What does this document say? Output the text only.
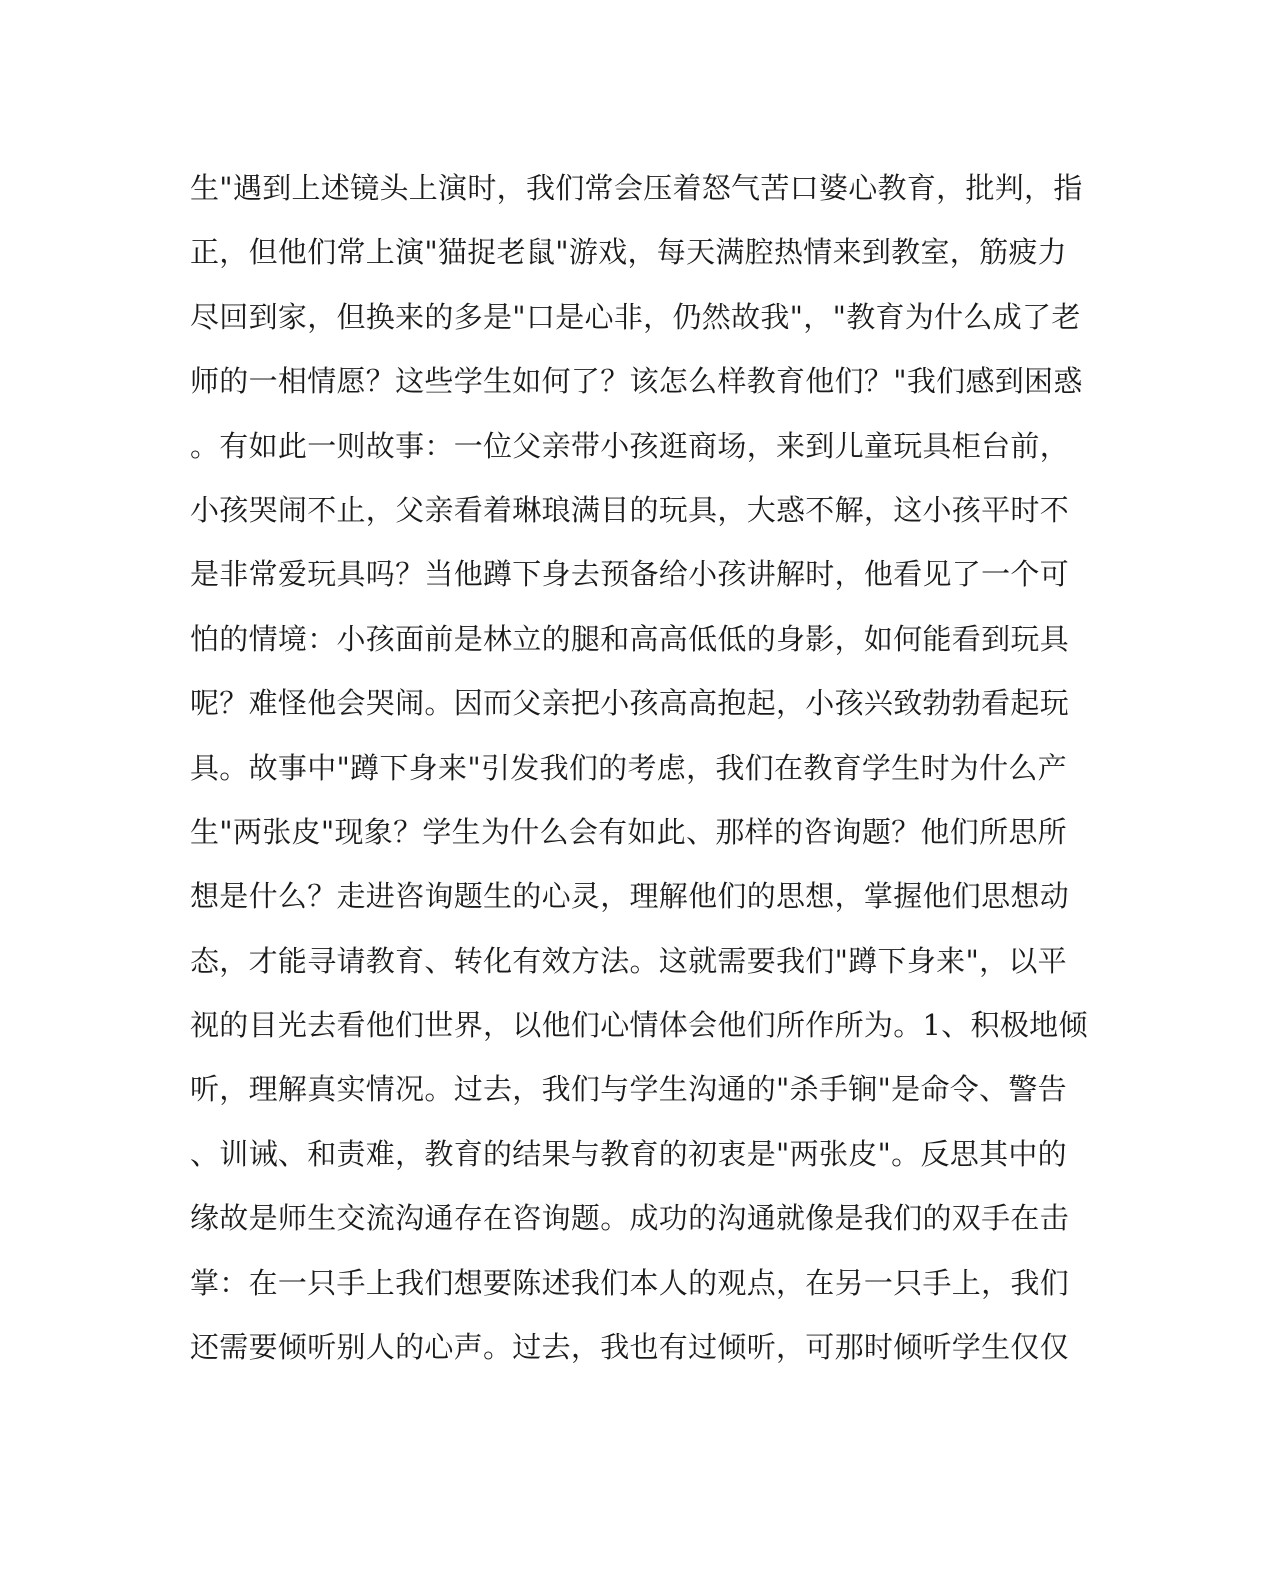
生"遇到上述镜头上演时，我们常会压着怒气苦口婆心教育，批判，指
正，但他们常上演"猫捉老鼠"游戏，每天满腔热情来到教室，筋疲力
尽回到家，但换来的多是"口是心非，仍然故我"，"教育为什么成了老
师的一相情愿？这些学生如何了？该怎么样教育他们？"我们感到困惑
。有如此一则故事：一位父亲带小孩逛商场，来到儿童玩具柜台前，
小孩哭闹不止，父亲看着琳琅满目的玩具，大惑不解，这小孩平时不
是非常爱玩具吗？当他蹲下身去预备给小孩讲解时，他看见了一个可
怕的情境：小孩面前是林立的腿和高高低低的身影，如何能看到玩具
呢？难怪他会哭闹。因而父亲把小孩高高抱起，小孩兴致勃勃看起玩
具。故事中"蹲下身来"引发我们的考虑，我们在教育学生时为什么产
生"两张皮"现象？学生为什么会有如此、那样的咨询题？他们所思所
想是什么？走进咨询题生的心灵，理解他们的思想，掌握他们思想动
态，才能寻请教育、转化有效方法。这就需要我们"蹲下身来"，以平
视的目光去看他们世界，以他们心情体会他们所作所为。1、积极地倾
听，理解真实情况。过去，我们与学生沟通的"杀手锏"是命令、警告
、训诫、和责难，教育的结果与教育的初衷是"两张皮"。反思其中的
缘故是师生交流沟通存在咨询题。成功的沟通就像是我们的双手在击
掌：在一只手上我们想要陈述我们本人的观点，在另一只手上，我们
还需要倾听别人的心声。过去，我也有过倾听，可那时倾听学生仅仅
